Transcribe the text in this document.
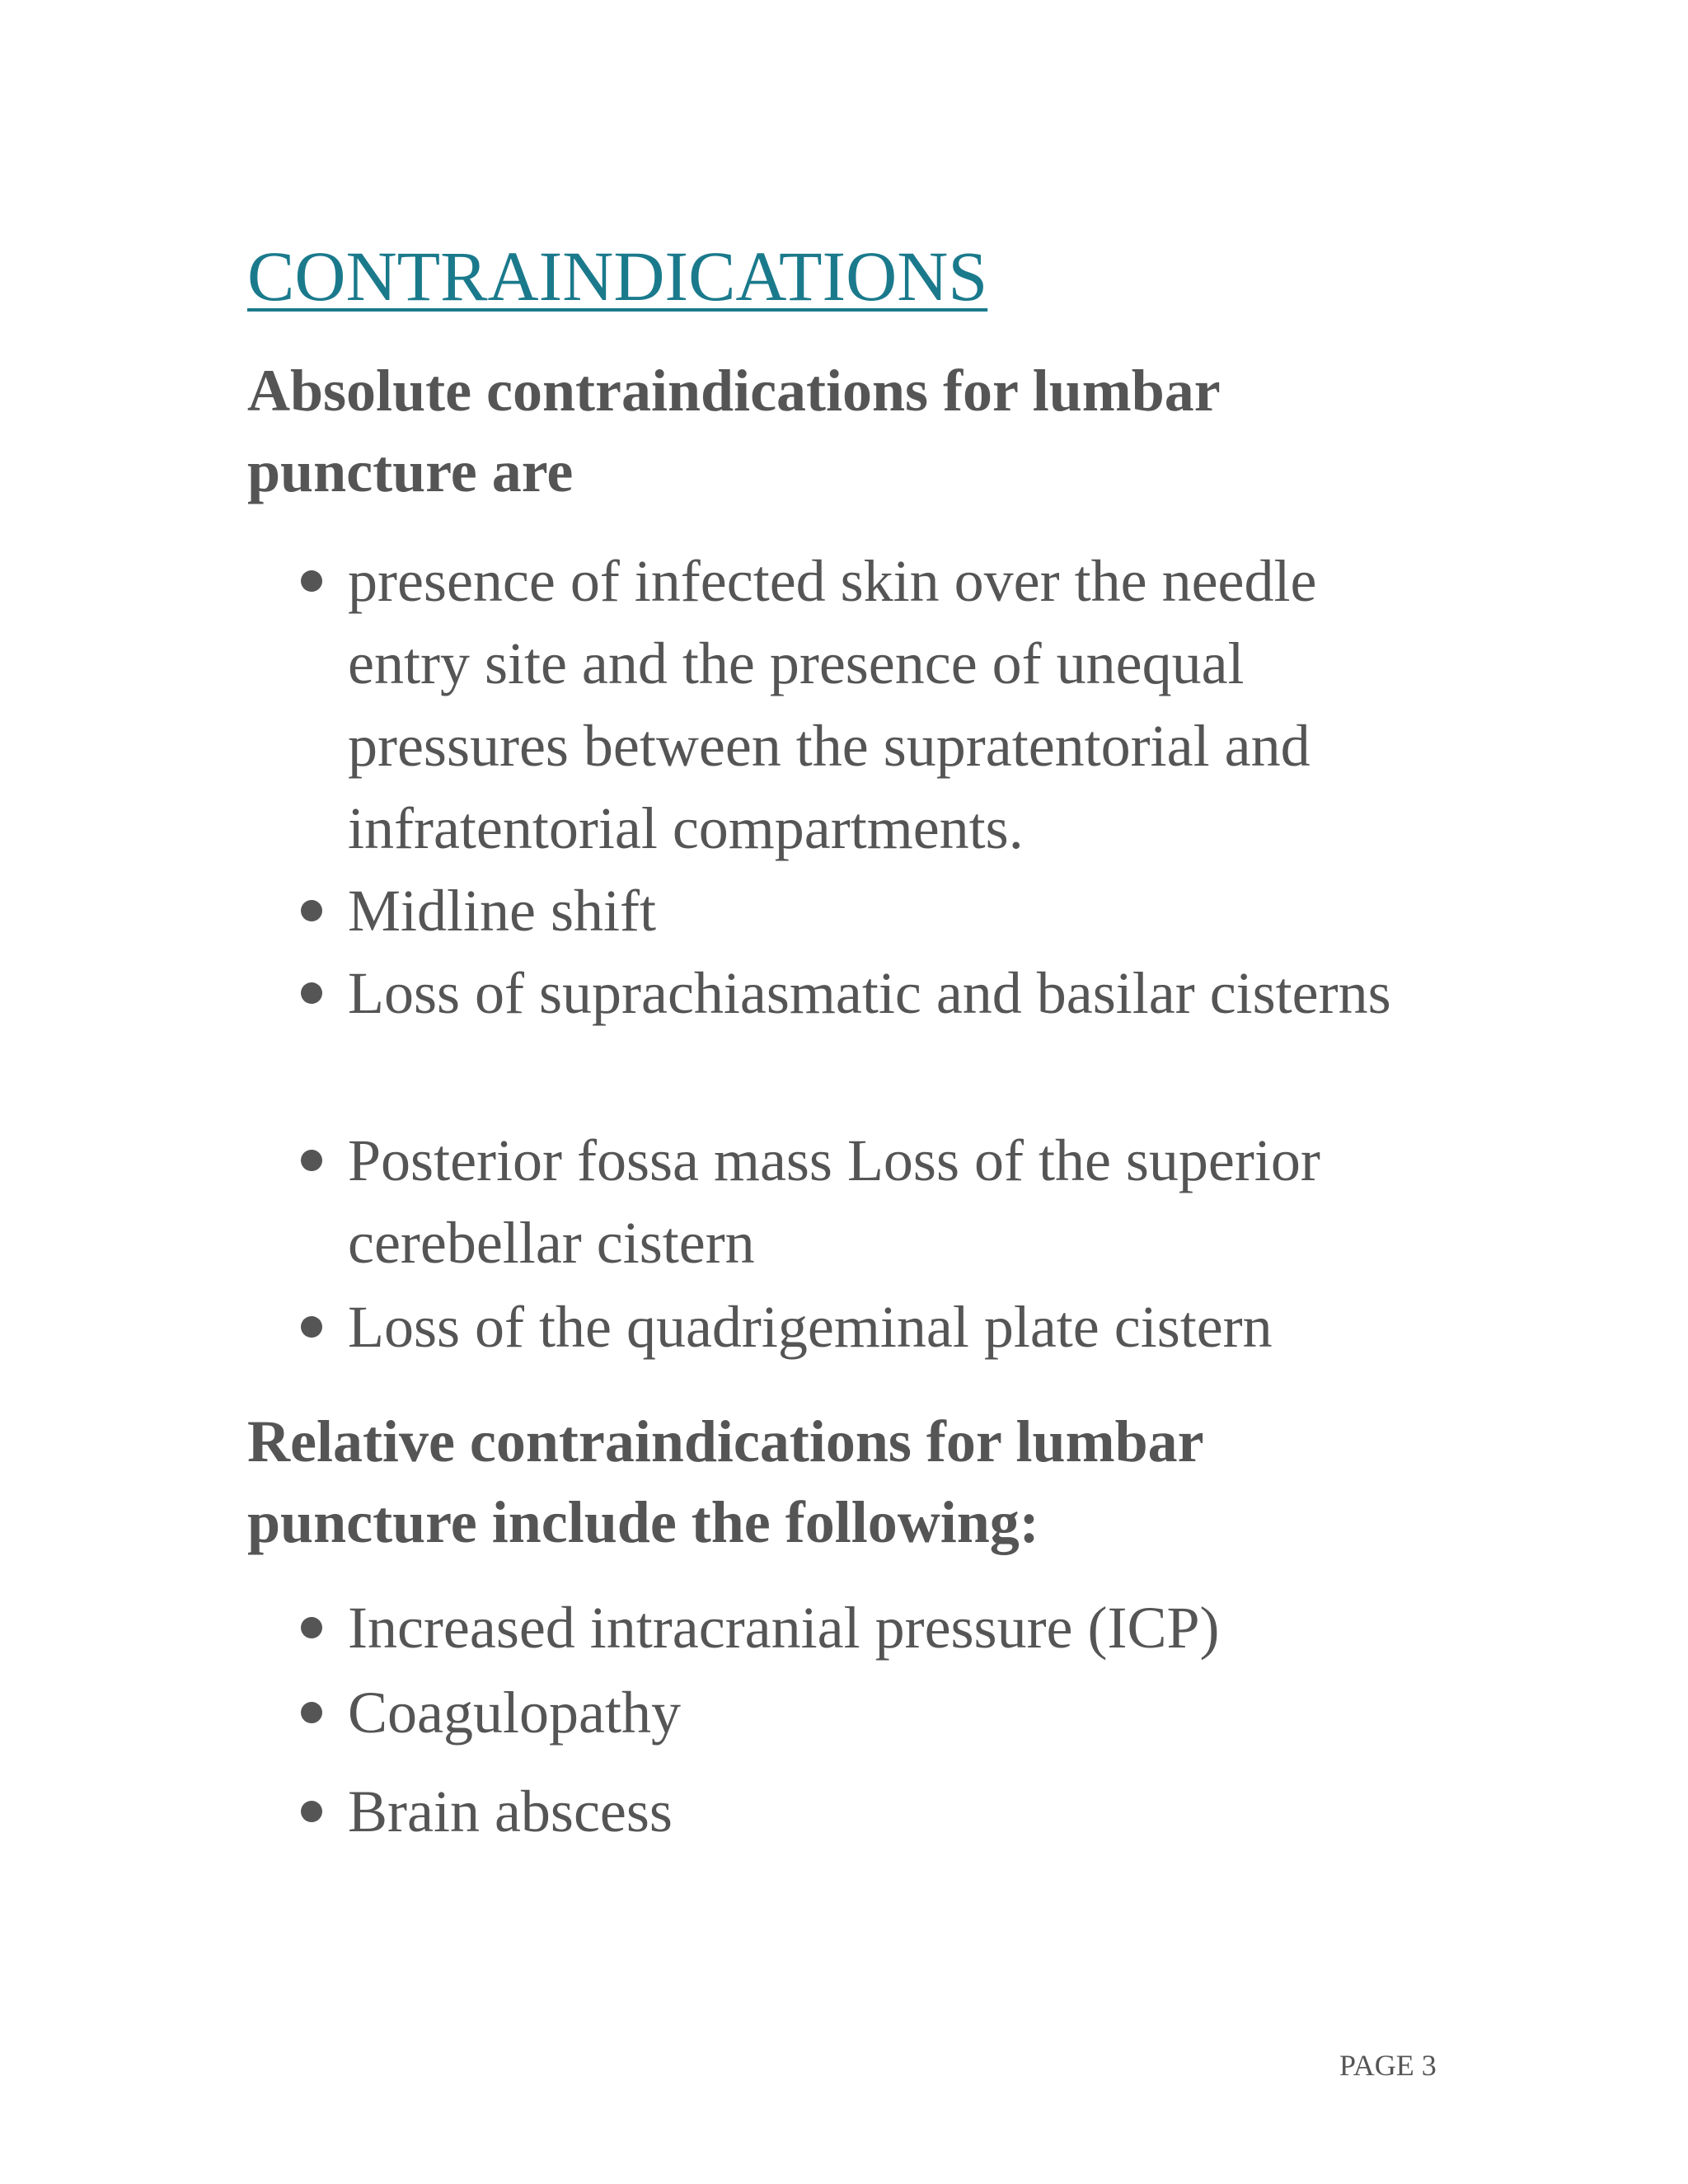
CONTRAINDICATIONS
Absolute contraindications for lumbar puncture are
presence of infected skin over the needle entry site and the presence of unequal pressures between the supratentorial and infratentorial compartments.
Midline shift
Loss of suprachiasmatic and basilar cisterns
Posterior fossa mass Loss of the superior cerebellar cistern
Loss of the quadrigeminal plate cistern
Relative contraindications for lumbar puncture include the following:
Increased intracranial pressure (ICP)
Coagulopathy
Brain abscess
PAGE 3
